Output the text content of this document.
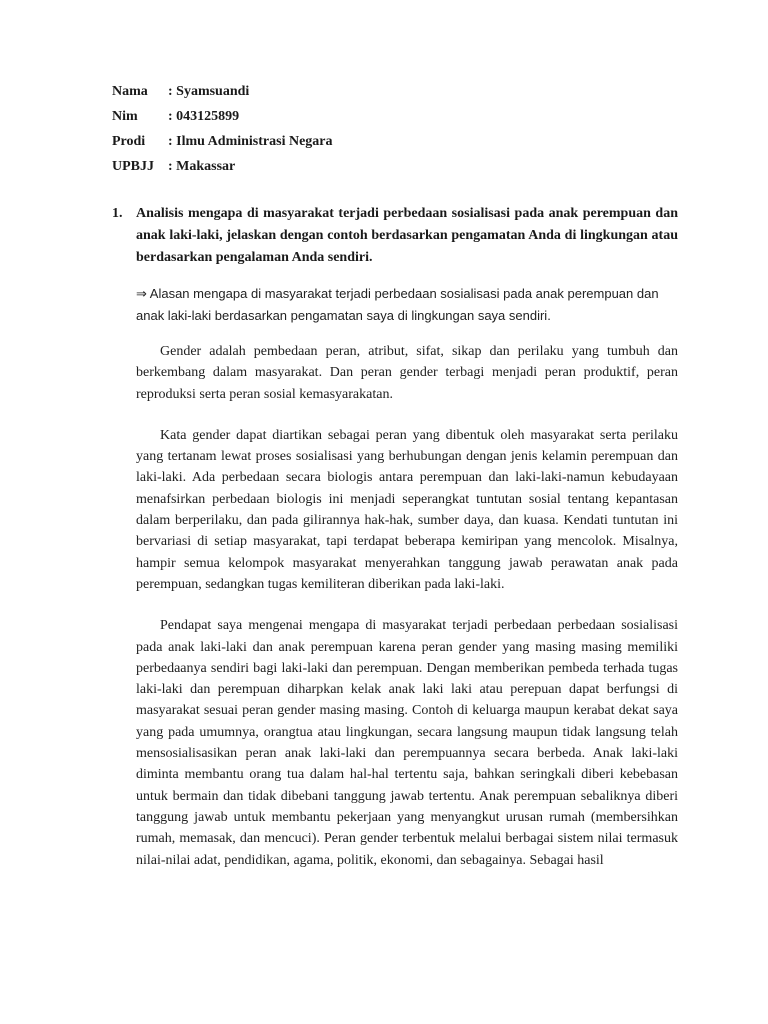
Nama : Syamsuandi
Nim : 043125899
Prodi : Ilmu Administrasi Negara
UPBJJ : Makassar
1. Analisis mengapa di masyarakat terjadi perbedaan sosialisasi pada anak perempuan dan anak laki-laki, jelaskan dengan contoh berdasarkan pengamatan Anda di lingkungan atau berdasarkan pengalaman Anda sendiri.
⇒ Alasan mengapa di masyarakat terjadi perbedaan sosialisasi pada anak perempuan dan anak laki-laki berdasarkan pengamatan saya di lingkungan saya sendiri.

Gender adalah pembedaan peran, atribut, sifat, sikap dan perilaku yang tumbuh dan berkembang dalam masyarakat. Dan peran gender terbagi menjadi peran produktif, peran reproduksi serta peran sosial kemasyarakatan.

Kata gender dapat diartikan sebagai peran yang dibentuk oleh masyarakat serta perilaku yang tertanam lewat proses sosialisasi yang berhubungan dengan jenis kelamin perempuan dan laki-laki. Ada perbedaan secara biologis antara perempuan dan laki-laki-namun kebudayaan menafsirkan perbedaan biologis ini menjadi seperangkat tuntutan sosial tentang kepantasan dalam berperilaku, dan pada gilirannya hak-hak, sumber daya, dan kuasa. Kendati tuntutan ini bervariasi di setiap masyarakat, tapi terdapat beberapa kemiripan yang mencolok. Misalnya, hampir semua kelompok masyarakat menyerahkan tanggung jawab perawatan anak pada perempuan, sedangkan tugas kemiliteran diberikan pada laki-laki.

Pendapat saya mengenai mengapa di masyarakat terjadi perbedaan perbedaan sosialisasi pada anak laki-laki dan anak perempuan karena peran gender yang masing masing memiliki perbedaanya sendiri bagi laki-laki dan perempuan. Dengan memberikan pembeda terhada tugas laki-laki dan perempuan diharpkan kelak anak laki laki atau perepuan dapat berfungsi di masyarakat sesuai peran gender masing masing. Contoh di keluarga maupun kerabat dekat saya yang pada umumnya, orangtua atau lingkungan, secara langsung maupun tidak langsung telah mensosialisasikan peran anak laki-laki dan perempuannya secara berbeda. Anak laki-laki diminta membantu orang tua dalam hal-hal tertentu saja, bahkan seringkali diberi kebebasan untuk bermain dan tidak dibebani tanggung jawab tertentu. Anak perempuan sebaliknya diberi tanggung jawab untuk membantu pekerjaan yang menyangkut urusan rumah (membersihkan rumah, memasak, dan mencuci). Peran gender terbentuk melalui berbagai sistem nilai termasuk nilai-nilai adat, pendidikan, agama, politik, ekonomi, dan sebagainya. Sebagai hasil
